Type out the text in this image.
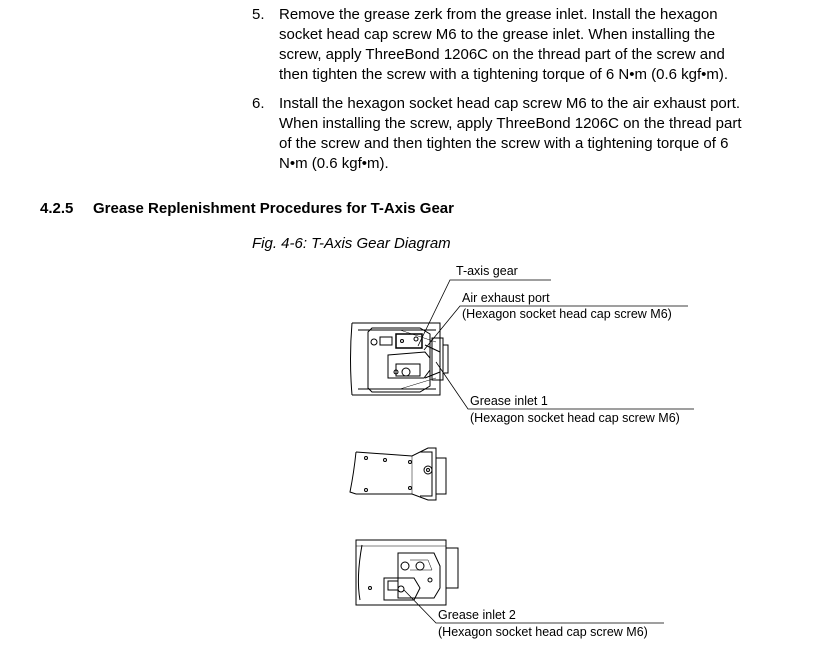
5. Remove the grease zerk from the grease inlet. Install the hexagon
socket head cap screw M6 to the grease inlet. When installing the
screw, apply ThreeBond 1206C on the thread part of the screw and
then tighten the screw with a tightening torque of 6 N•m (0.6 kgf•m).
6. Install the hexagon socket head cap screw M6 to the air exhaust port.
When installing the screw, apply ThreeBond 1206C on the thread part
of the screw and then tighten the screw with a tightening torque of 6
N•m (0.6 kgf•m).
4.2.5 Grease Replenishment Procedures for T-Axis Gear
Fig. 4-6: T-Axis Gear Diagram
T-axis gear
Air exhaust port
(Hexagon socket head cap screw M6)
Grease inlet 1
(Hexagon socket head cap screw M6)
Grease inlet 2
(Hexagon socket head cap screw M6)
